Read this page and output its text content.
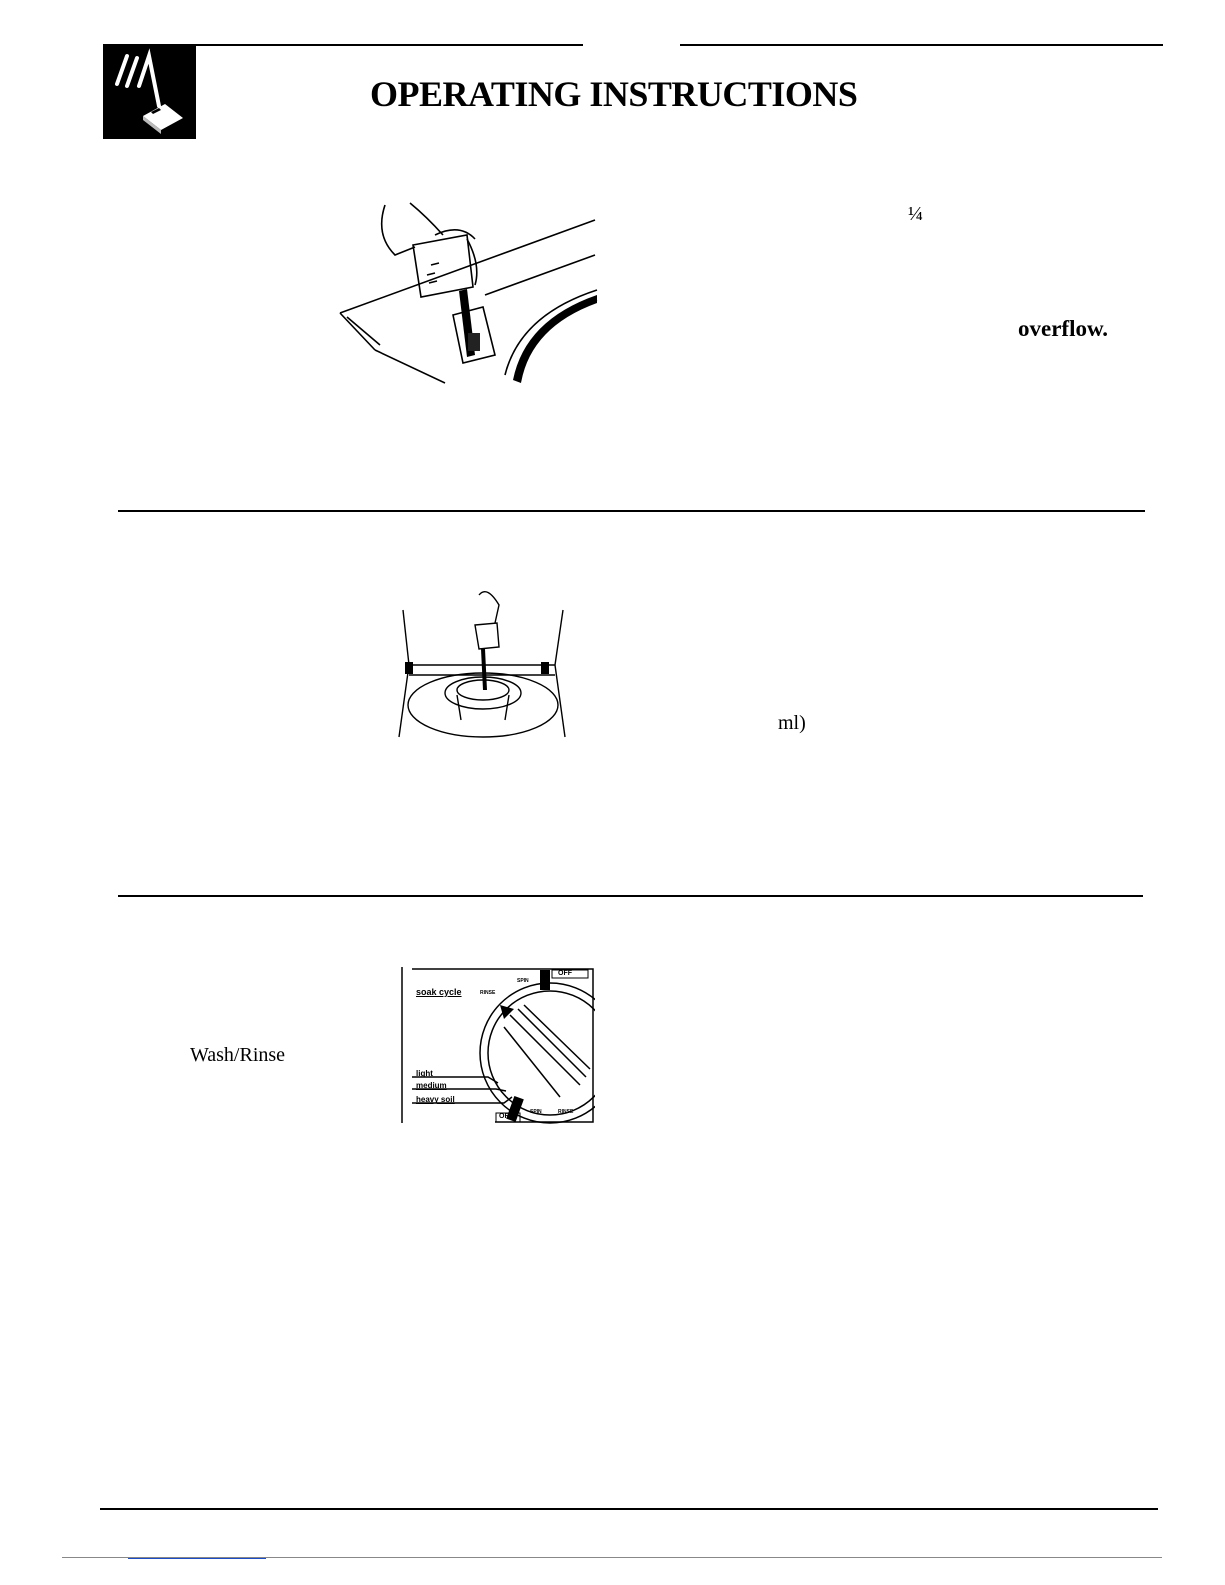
OPERATING INSTRUCTIONS
¼
overflow.
ml)
Wash/Rinse
soak cycle	RINSE
SPIN
OFF
light
medium
heavy soil
OFF
SPIN	RINSE
